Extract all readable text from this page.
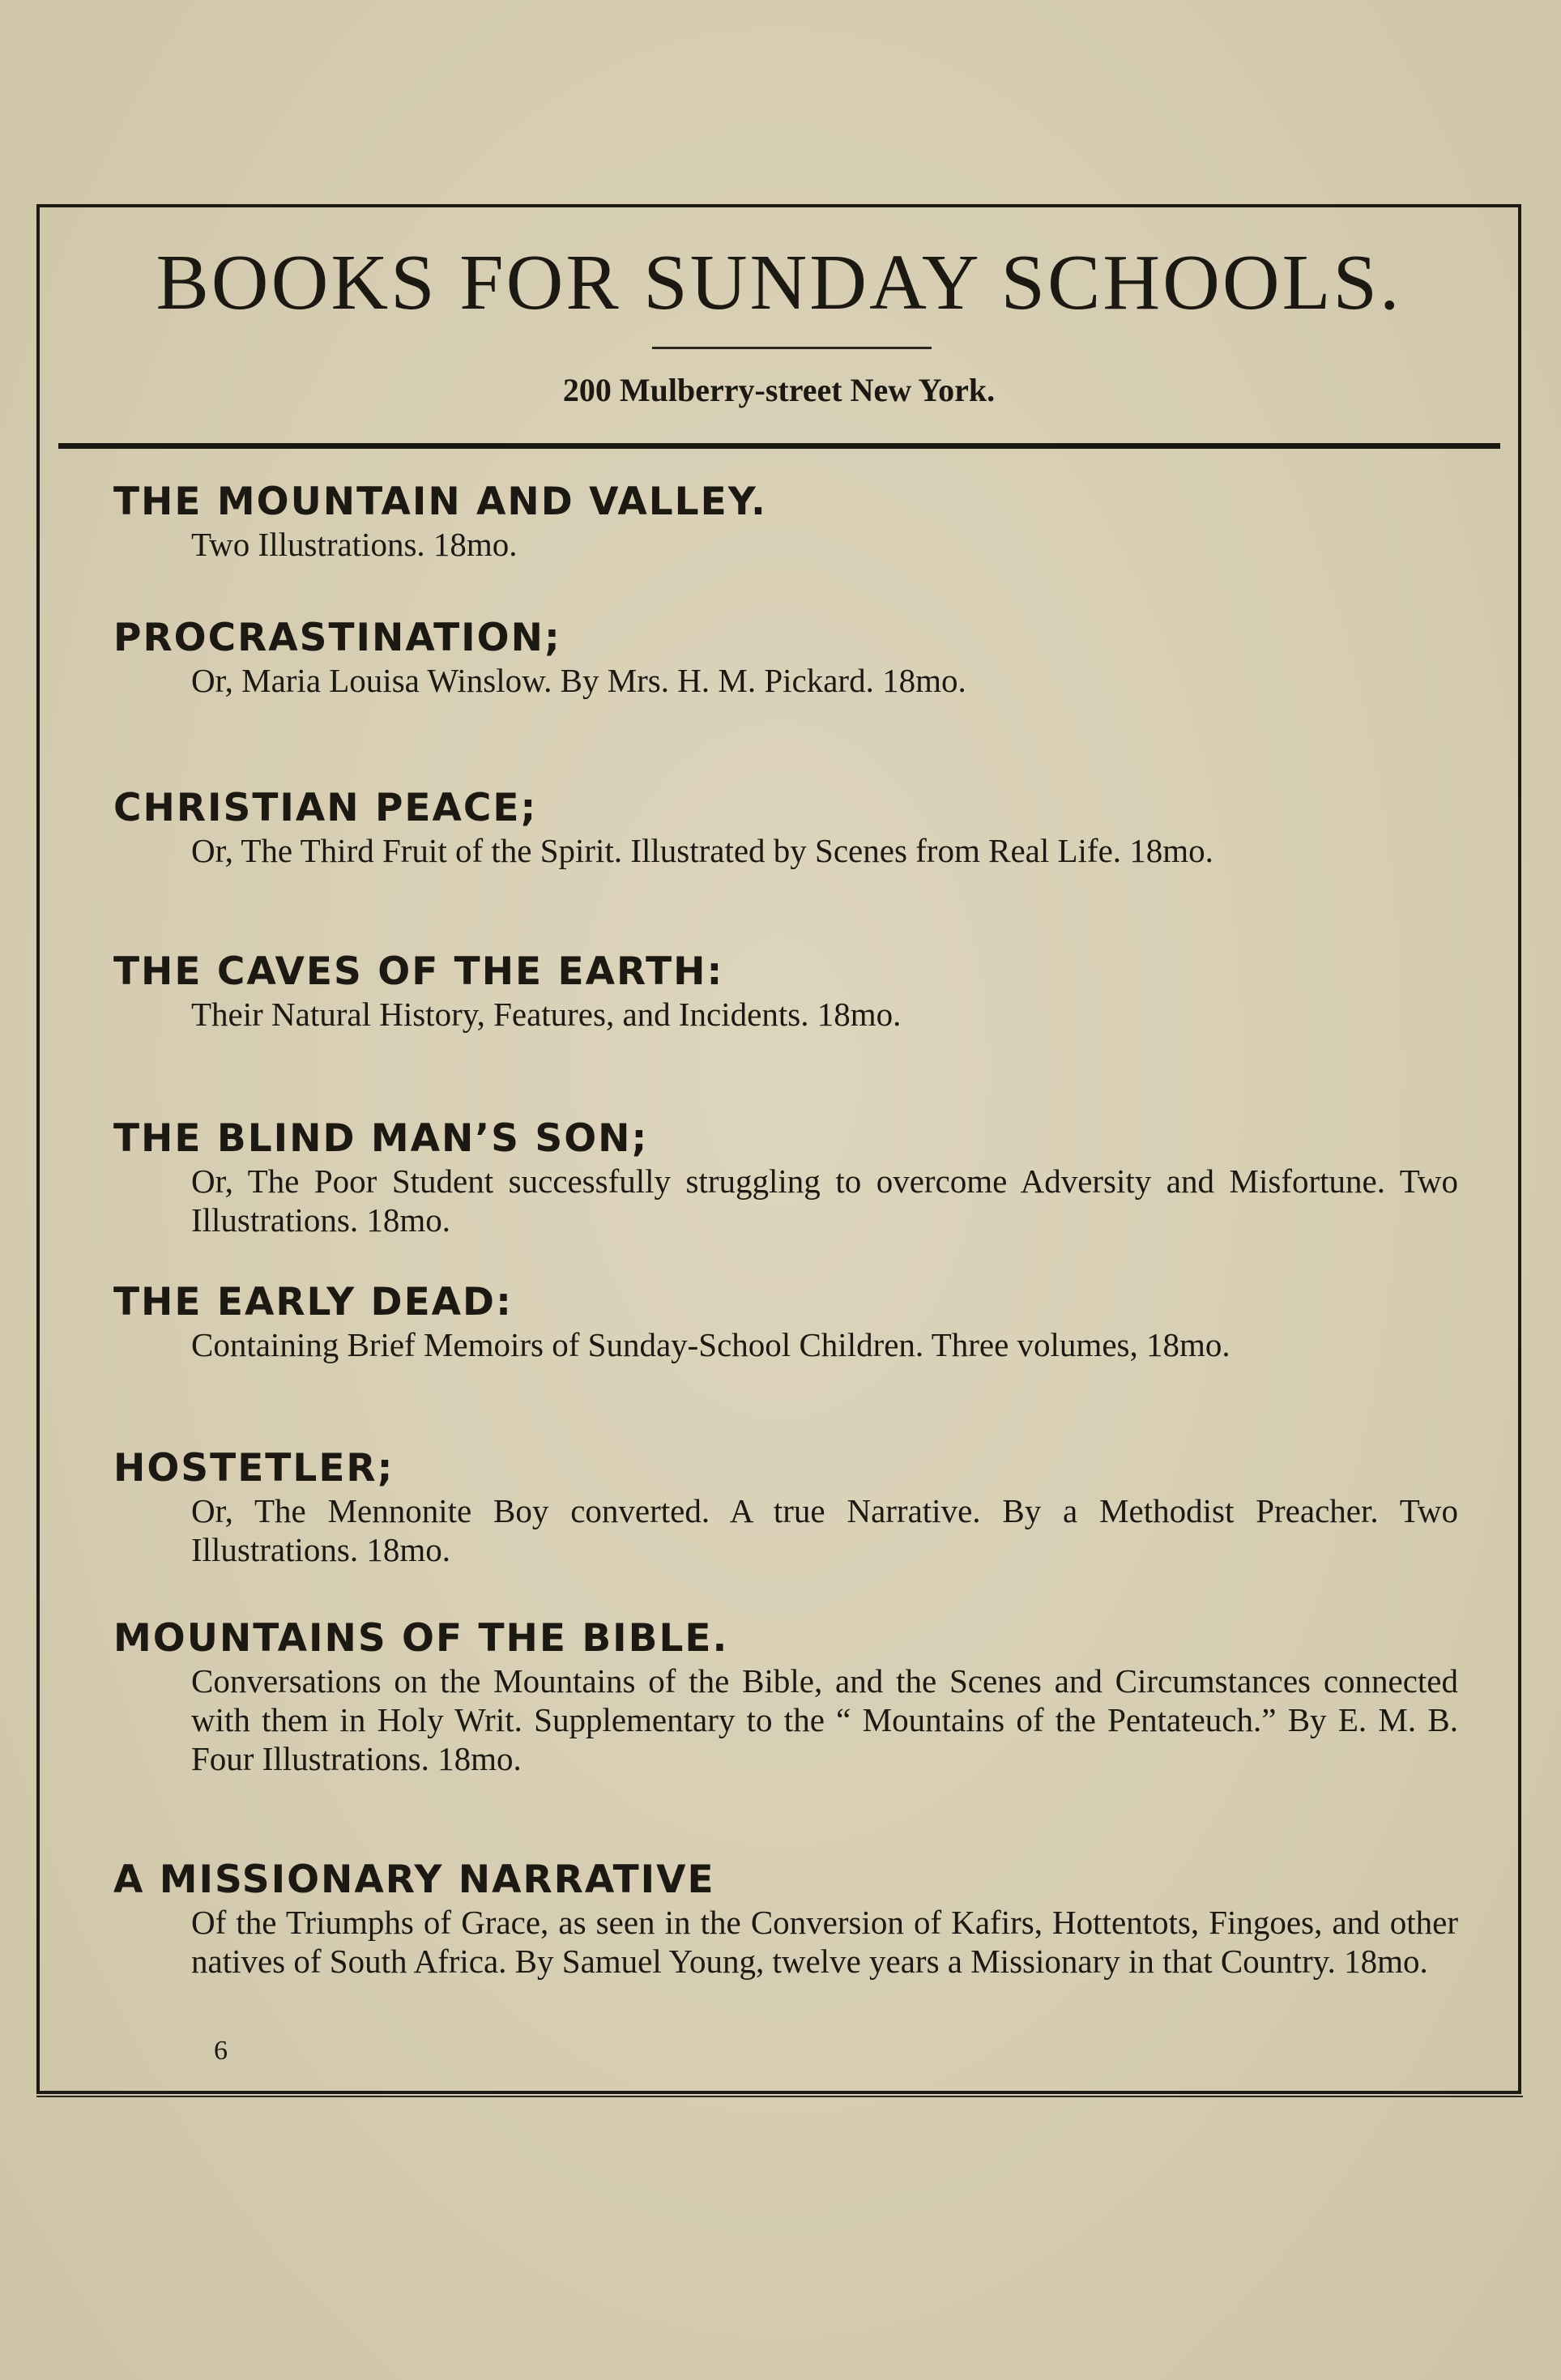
BOOKS FOR SUNDAY SCHOOLS.
200 Mulberry-street New York.

THE MOUNTAIN AND VALLEY.

Two Illustrations. 18mo.

PROCRASTINATION;

Or, Maria Louisa Winslow. By Mrs. H. M. Pickard. 18mo.

CHRISTIAN PEACE;

Or, The Third Fruit of the Spirit. Illustrated by Scenes from Real Life. 18mo.

THE CAVES OF THE EARTH:

Their Natural History, Features, and Incidents. 18mo.

THE BLIND MAN’S SON;

Or, The Poor Student successfully struggling to overcome Adversity and Misfortune. Two Illustrations. 18mo.

THE EARLY DEAD:

Containing Brief Memoirs of Sunday-School Children. Three volumes, 18mo.

HOSTETLER;

Or, The Mennonite Boy converted. A true Narrative. By a Methodist Preacher. Two Illustrations. 18mo.

MOUNTAINS OF THE BIBLE.

Conversations on the Mountains of the Bible, and the Scenes and Circumstances connected with them in Holy Writ. Supplementary to the “ Mountains of the Pentateuch.” By E. M. B. Four Illustrations. 18mo.

A MISSIONARY NARRATIVE

Of the Triumphs of Grace, as seen in the Conversion of Kafirs, Hottentots, Fingoes, and other natives of South Africa. By Samuel Young, twelve years a Missionary in that Country. 18mo.

6
